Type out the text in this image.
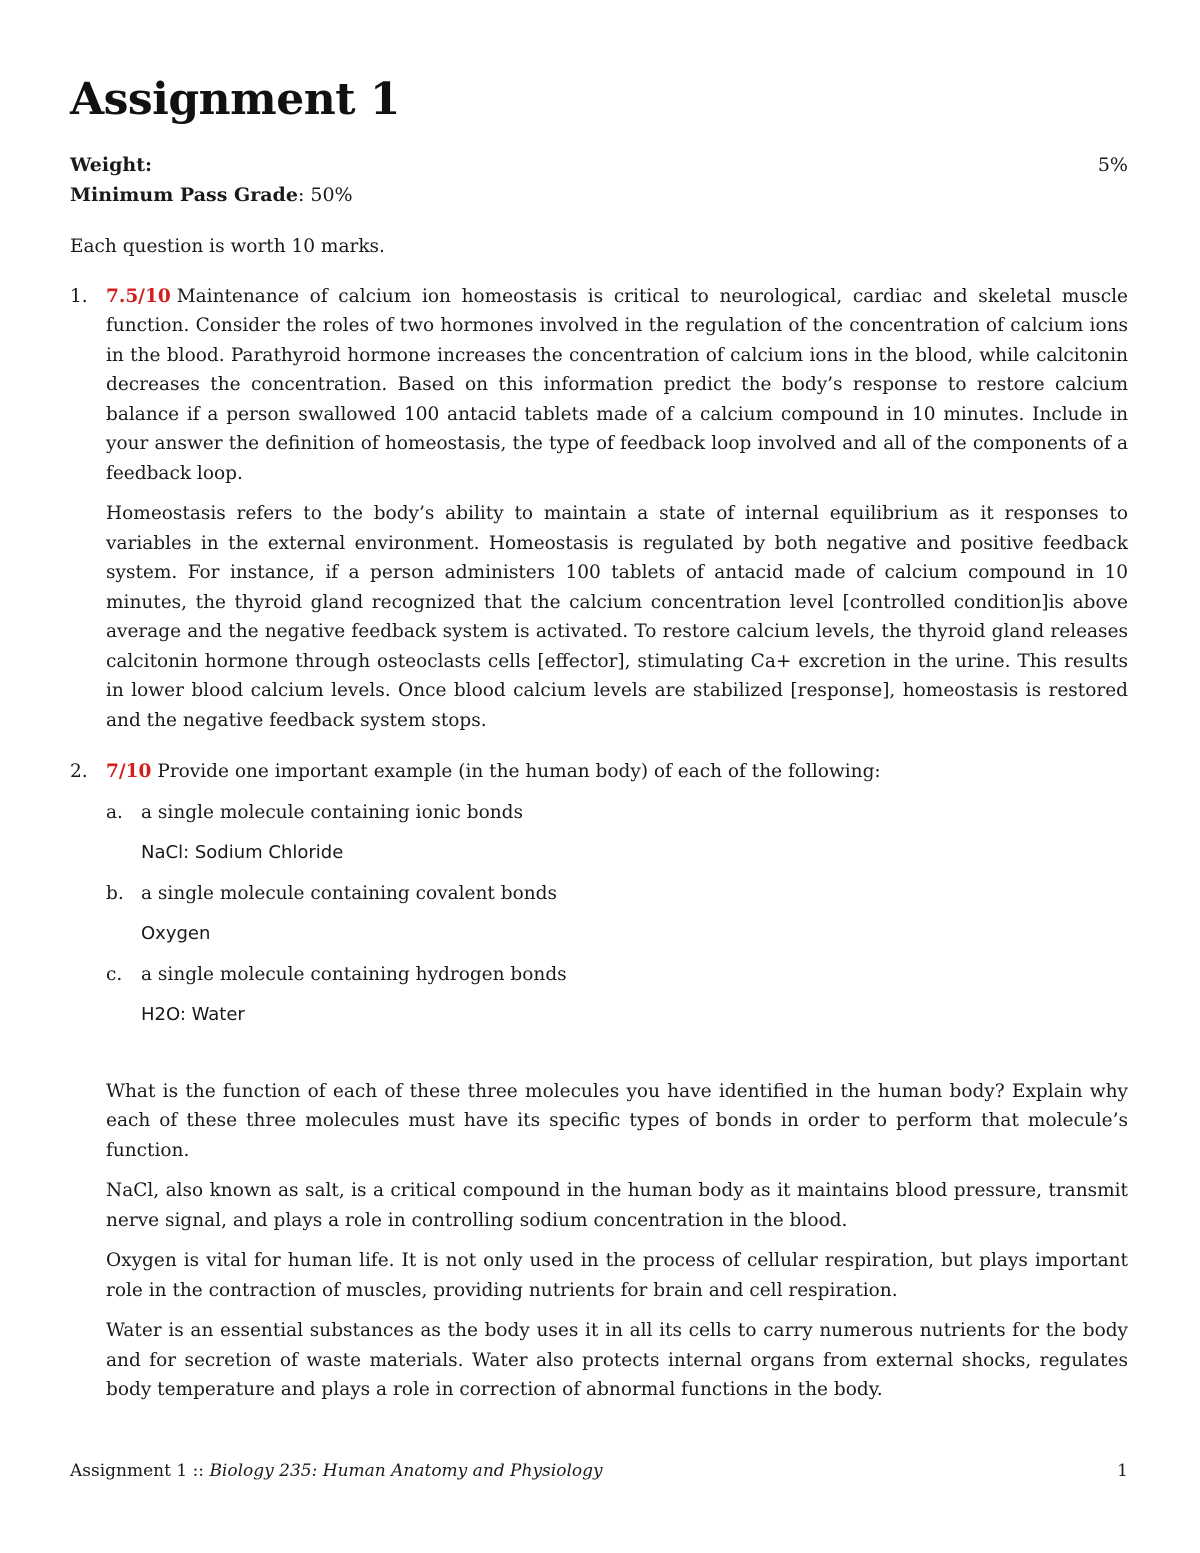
Assignment 1
Weight:	5%
Minimum Pass Grade : 50%

Each question is worth 10 marks.

1. 7.5/10 Maintenance of calcium ion homeostasis is critical to neurological, cardiac and skeletal muscle function. Consider the roles of two hormones involved in the regulation of the concentration of calcium ions in the blood. Parathyroid hormone increases the concentration of calcium ions in the blood, while calcitonin decreases the concentration. Based on this information predict the body’s response to restore calcium balance if a person swallowed 100 antacid tablets made of a calcium compound in 10 minutes. Include in your answer the definition of homeostasis, the type of feedback loop involved and all of the components of a feedback loop.

Homeostasis refers to the body’s ability to maintain a state of internal equilibrium as it responses to variables in the external environment. Homeostasis is regulated by both negative and positive feedback system. For instance, if a person administers 100 tablets of antacid made of calcium compound in 10 minutes, the thyroid gland recognized that the calcium concentration level [controlled condition]is above average and the negative feedback system is activated. To restore calcium levels, the thyroid gland releases calcitonin hormone through osteoclasts cells [effector], stimulating Ca+ excretion in the urine. This results in lower blood calcium levels. Once blood calcium levels are stabilized [response], homeostasis is restored and the negative feedback system stops.

2. 7/10 Provide one important example (in the human body) of each of the following:

a. a single molecule containing ionic bonds
NaCl: Sodium Chloride
b. a single molecule containing covalent bonds
Oxygen
c. a single molecule containing hydrogen bonds
H2O: Water

What is the function of each of these three molecules you have identified in the human body? Explain why each of these three molecules must have its specific types of bonds in order to perform that molecule’s function.

NaCl, also known as salt, is a critical compound in the human body as it maintains blood pressure, transmit nerve signal, and plays a role in controlling sodium concentration in the blood.

Oxygen is vital for human life. It is not only used in the process of cellular respiration, but plays important role in the contraction of muscles, providing nutrients for brain and cell respiration.

Water is an essential substances as the body uses it in all its cells to carry numerous nutrients for the body and for secretion of waste materials. Water also protects internal organs from external shocks, regulates body temperature and plays a role in correction of abnormal functions in the body.

Assignment 1 :: Biology 235: Human Anatomy and Physiology	1
